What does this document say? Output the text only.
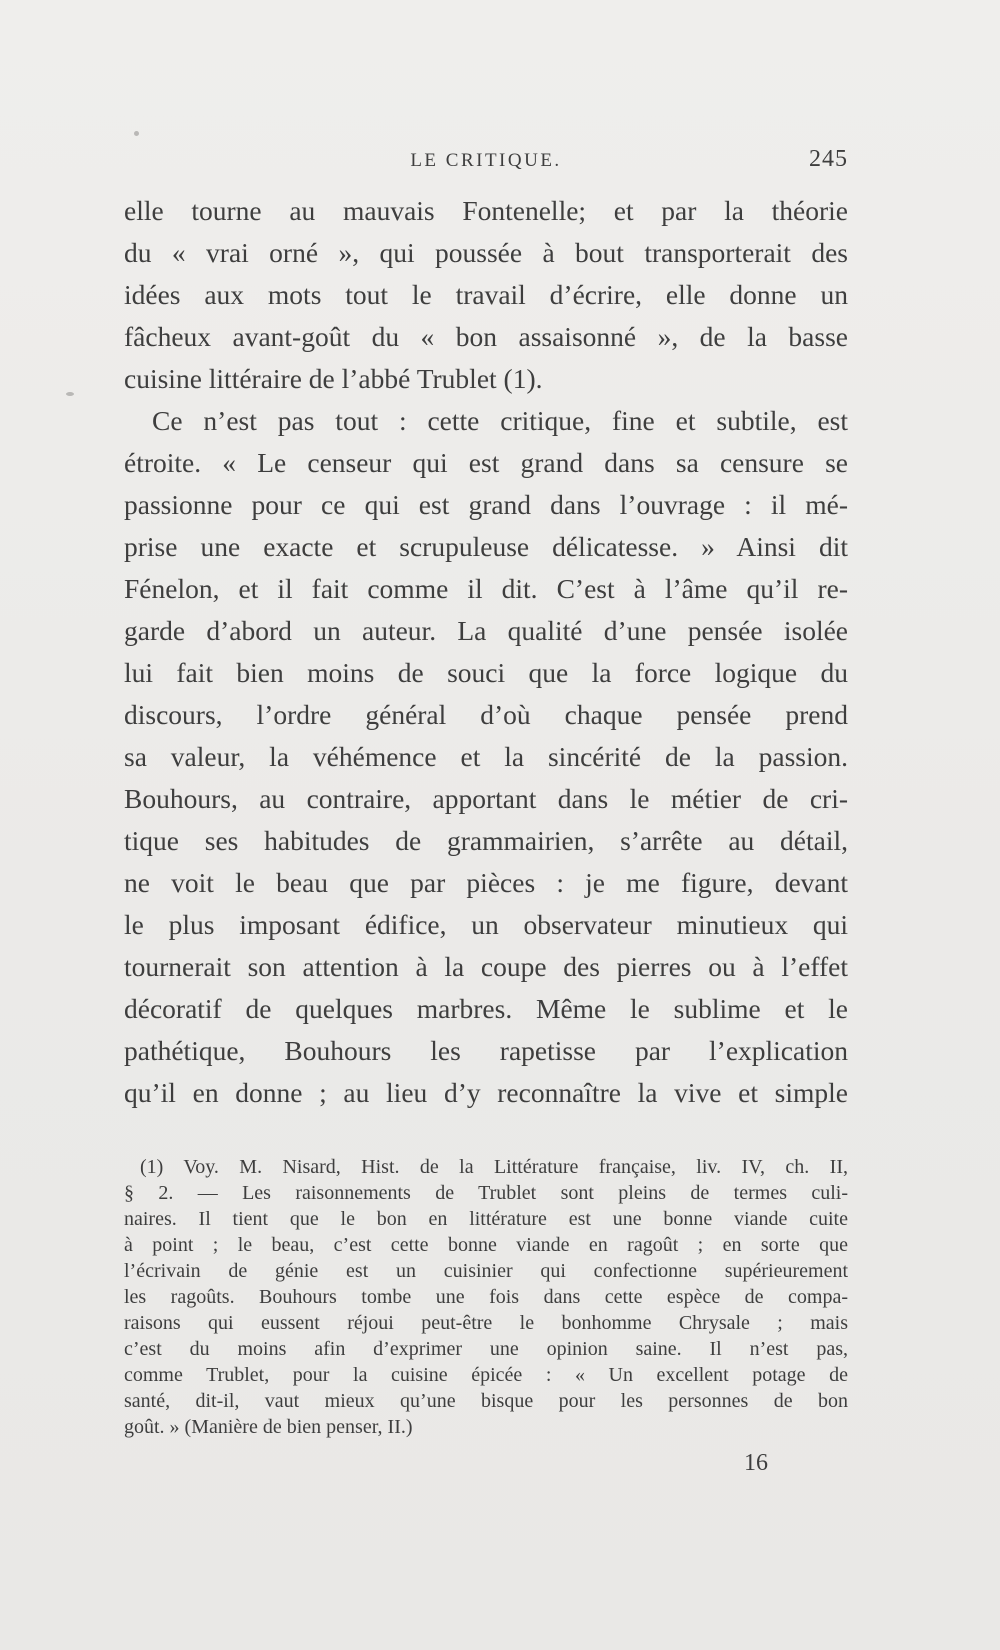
LE CRITIQUE.	245
elle tourne au mauvais Fontenelle; et par la théorie
du « vrai orné », qui poussée à bout transporterait des
idées aux mots tout le travail d’écrire, elle donne un
fâcheux avant-goût du « bon assaisonné », de la basse
cuisine littéraire de l’abbé Trublet (1).
Ce n’est pas tout : cette critique, fine et subtile, est
étroite. « Le censeur qui est grand dans sa censure se
passionne pour ce qui est grand dans l’ouvrage : il mé-
prise une exacte et scrupuleuse délicatesse. » Ainsi dit
Fénelon, et il fait comme il dit. C’est à l’âme qu’il re-
garde d’abord un auteur. La qualité d’une pensée isolée
lui fait bien moins de souci que la force logique du
discours, l’ordre général d’où chaque pensée prend
sa valeur, la véhémence et la sincérité de la passion.
Bouhours, au contraire, apportant dans le métier de cri-
tique ses habitudes de grammairien, s’arrête au détail,
ne voit le beau que par pièces : je me figure, devant
le plus imposant édifice, un observateur minutieux qui
tournerait son attention à la coupe des pierres ou à l’effet
décoratif de quelques marbres. Même le sublime et le
pathétique, Bouhours les rapetisse par l’explication
qu’il en donne ; au lieu d’y reconnaître la vive et simple
(1) Voy. M. Nisard, Hist. de la Littérature française, liv. IV, ch. II,
§ 2. — Les raisonnements de Trublet sont pleins de termes culi-
naires. Il tient que le bon en littérature est une bonne viande cuite
à point ; le beau, c’est cette bonne viande en ragoût ; en sorte que
l’écrivain de génie est un cuisinier qui confectionne supérieurement
les ragoûts. Bouhours tombe une fois dans cette espèce de compa-
raisons qui eussent réjoui peut-être le bonhomme Chrysale ; mais
c’est du moins afin d’exprimer une opinion saine. Il n’est pas,
comme Trublet, pour la cuisine épicée : « Un excellent potage de
santé, dit-il, vaut mieux qu’une bisque pour les personnes de bon
goût. » (Manière de bien penser, II.)
16
